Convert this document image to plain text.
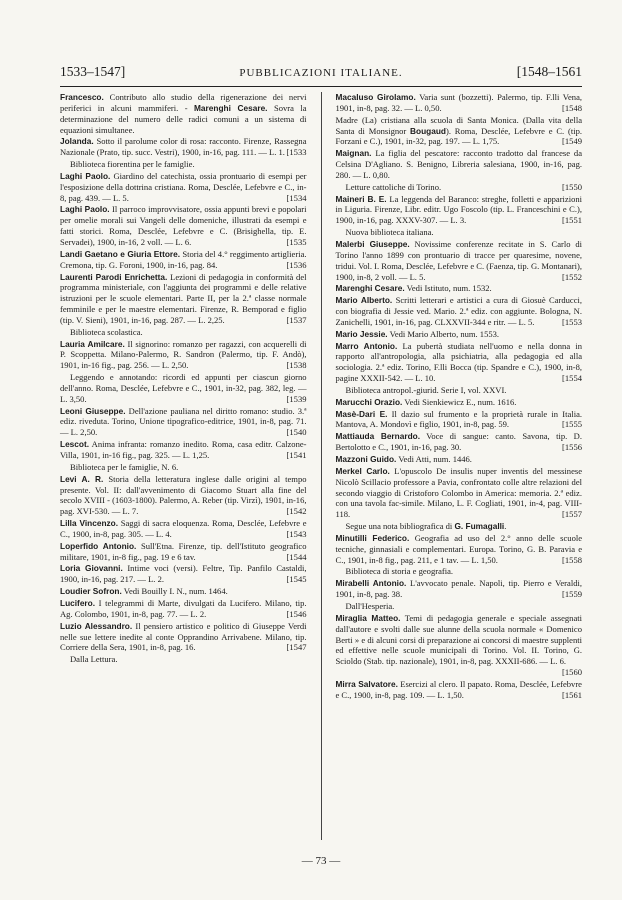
1533–1547]	PUBBLICAZIONI ITALIANE.	[1548–1561
Francesco. Contributo allo studio della rigenerazione dei nervi periferici in alcuni mammiferi. - Marenghi Cesare. Sovra la determinazione del numero delle radici comuni a un sistema di equazioni simultanee.
Jolanda. Sotto il parolume color di rosa: racconto. Firenze, Rassegna Nazionale (Prato, tip. succ. Vestri), 1900, in-16, pag. 111. — L. 1. [1533
Biblioteca fiorentina per le famiglie.
Laghi Paolo. Giardino del catechista, ossia prontuario di esempi per l'esposizione della dottrina cristiana. Roma, Desclée, Lefebvre e C., in-8, pag. 439. — L. 5.	[1534
Laghi Paolo. Il parroco improvvisatore, ossia appunti brevi e popolari per omelie morali sui Vangeli delle domeniche, illustrati da esempi e fatti storici. Roma, Desclée, Lefebvre e C. (Brisighella, tip. E. Servadei), 1900, in-16, 2 voll. — L. 6.	[1535
Landi Gaetano e Giuria Ettore. Storia del 4.° reggimento artiglieria. Cremona, tip. G. Foroni, 1900, in-16, pag. 84.	[1536
Laurenti Parodi Enrichetta. Lezioni di pedagogia in conformità del programma ministeriale, con l'aggiunta dei programmi e delle relative istruzioni per le scuole elementari. Parte II, per la 2.ª classe normale femminile e per le maestre elementari. Firenze, R. Bemporad e figlio (tip. V. Sieni), 1901, in-16, pag. 287. — L. 2,25.	[1537
Biblioteca scolastica.
Lauria Amilcare. Il signorino: romanzo per ragazzi, con acquerelli di P. Scoppetta. Milano-Palermo, R. Sandron (Palermo, tip. F. Andò), 1901, in-16 fig., pag. 256. — L. 2,50.	[1538
Leggendo e annotando: ricordi ed appunti per ciascun giorno dell'anno. Roma, Desclée, Lefebvre e C., 1901, in-32, pag. 382, leg. — L. 3,50.	[1539
Leoni Giuseppe. Dell'azione pauliana nel diritto romano: studio. 3.ª ediz. riveduta. Torino, Unione tipografico-editrice, 1901, in-8, pag. 71. — L. 2,50.	[1540
Lescot. Anima infranta: romanzo inedito. Roma, casa editr. Calzone-Villa, 1901, in-16 fig., pag. 325. — L. 1,25.	[1541
Biblioteca per le famiglie, N. 6.
Levi A. R. Storia della letteratura inglese dalle origini al tempo presente. Vol. II: dall'avvenimento di Giacomo Stuart alla fine del secolo XVIII - (1603-1800). Palermo, A. Reber (tip. Virzì), 1901, in-16, pag. XVI-530. — L. 7.	[1542
Lilla Vincenzo. Saggi di sacra eloquenza. Roma, Desclée, Lefebvre e C., 1900, in-8, pag. 305. — L. 4.	[1543
Loperfido Antonio. Sull'Etna. Firenze, tip. dell'Istituto geografico militare, 1901, in-8 fig., pag. 19 e 6 tav.	[1544
Loria Giovanni. Intime voci (versi). Feltre, Tip. Panfilo Castaldi, 1900, in-16, pag. 217. — L. 2.	[1545
Loudier Sofron. Vedi Bouilly I. N., num. 1464.
Lucifero. I telegrammi di Marte, divulgati da Lucifero. Milano, tip. Ag. Colombo, 1901, in-8, pag. 77. — L. 2.	[1546
Luzio Alessandro. Il pensiero artistico e politico di Giuseppe Verdi nelle sue lettere inedite al conte Opprandino Arrivabene. Milano, tip. Corriere della Sera, 1901, in-8, pag. 16.	[1547
Dalla Lettura.
Macaluso Girolamo. Varia sunt (bozzetti). Palermo, tip. F.lli Vena, 1901, in-8, pag. 32. — L. 0,50.	[1548
Madre (La) cristiana alla scuola di Santa Monica. (Dalla vita della Santa di Monsignor Bougaud). Roma, Desclée, Lefebvre e C. (tip. Forzani e C.), 1901, in-32, pag. 197. — L. 1,75.	[1549
Maignan. La figlia del pescatore: racconto tradotto dal francese da Celsina D'Agliano. S. Benigno, Libreria salesiana, 1900, in-16, pag. 280. — L. 0,80.
Letture cattoliche di Torino.	[1550
Maineri B. E. La leggenda del Baranco: streghe, folletti e apparizioni in Liguria. Firenze, Libr. editr. Ugo Foscolo (tip. L. Franceschini e C.), 1900, in-16, pag. XXXV-307. — L. 3.	[1551
Nuova biblioteca italiana.
Malerbi Giuseppe. Novissime conferenze recitate in S. Carlo di Torino l'anno 1899 con prontuario di tracce per quaresime, novene, tridui. Vol. I. Roma, Desclée, Lefebvre e C. (Faenza, tip. G. Montanari), 1900, in-8, 2 voll. — L. 5.	[1552
Marenghi Cesare. Vedi Istituto, num. 1532.
Mario Alberto. Scritti letterari e artistici a cura di Giosuè Carducci, con biografia di Jessie ved. Mario. 2.ª ediz. con aggiunte. Bologna, N. Zanichelli, 1901, in-16, pag. CLXXVII-344 e ritr. — L. 5.	[1553
Mario Jessie. Vedi Mario Alberto, num. 1553.
Marro Antonio. La pubertà studiata nell'uomo e nella donna in rapporto all'antropologia, alla psichiatria, alla pedagogia ed alla sociologia. 2.ª ediz. Torino, F.lli Bocca (tip. Spandre e C.), 1900, in-8, pagine XXXII-542. — L. 10.	[1554
Biblioteca antropol.-giurid. Serie I, vol. XXVI.
Marucchi Orazio. Vedi Sienkiewicz E., num. 1616.
Masè-Dari E. Il dazio sul frumento e la proprietà rurale in Italia. Mantova, A. Mondovì e figlio, 1901, in-8, pag. 59.	[1555
Mattiauda Bernardo. Voce di sangue: canto. Savona, tip. D. Bertolotto e C., 1901, in-16, pag. 30.	[1556
Mazzoni Guido. Vedi Atti, num. 1446.
Merkel Carlo. L'opuscolo De insulis nuper inventis del messinese Nicolò Scillacio professore a Pavia, confrontato colle altre relazioni del secondo viaggio di Cristoforo Colombo in America: memoria. 2.ª ediz. con una tavola fac-simile. Milano, L. F. Cogliati, 1901, in-4, pag. VIII-118.	[1557
Segue una nota bibliografica di G. Fumagalli.
Minutilli Federico. Geografia ad uso del 2.° anno delle scuole tecniche, ginnasiali e complementari. Europa. Torino, G. B. Paravia e C., 1901, in-8 fig., pag. 211, e 1 tav. — L. 1,50.	[1558
Biblioteca di storia e geografia.
Mirabelli Antonio. L'avvocato penale. Napoli, tip. Pierro e Veraldi, 1901, in-8, pag. 38.	[1559
Dall'Hesperia.
Miraglia Matteo. Temi di pedagogia generale e speciale assegnati dall'autore e svolti dalle sue alunne della scuola normale « Domenico Berti » e di alcuni corsi di preparazione ai concorsi di maestre supplenti ed effettive nelle scuole municipali di Torino. Vol. II. Torino, G. Scioldo (Stab. tip. nazionale), 1901, in-8, pag. XXXII-686. — L. 6.
[1560
Mirra Salvatore. Esercizi al clero. Il papato. Roma, Desclée, Lefebvre e C., 1900, in-8, pag. 109. — L. 1,50.	[1561
— 73 —
